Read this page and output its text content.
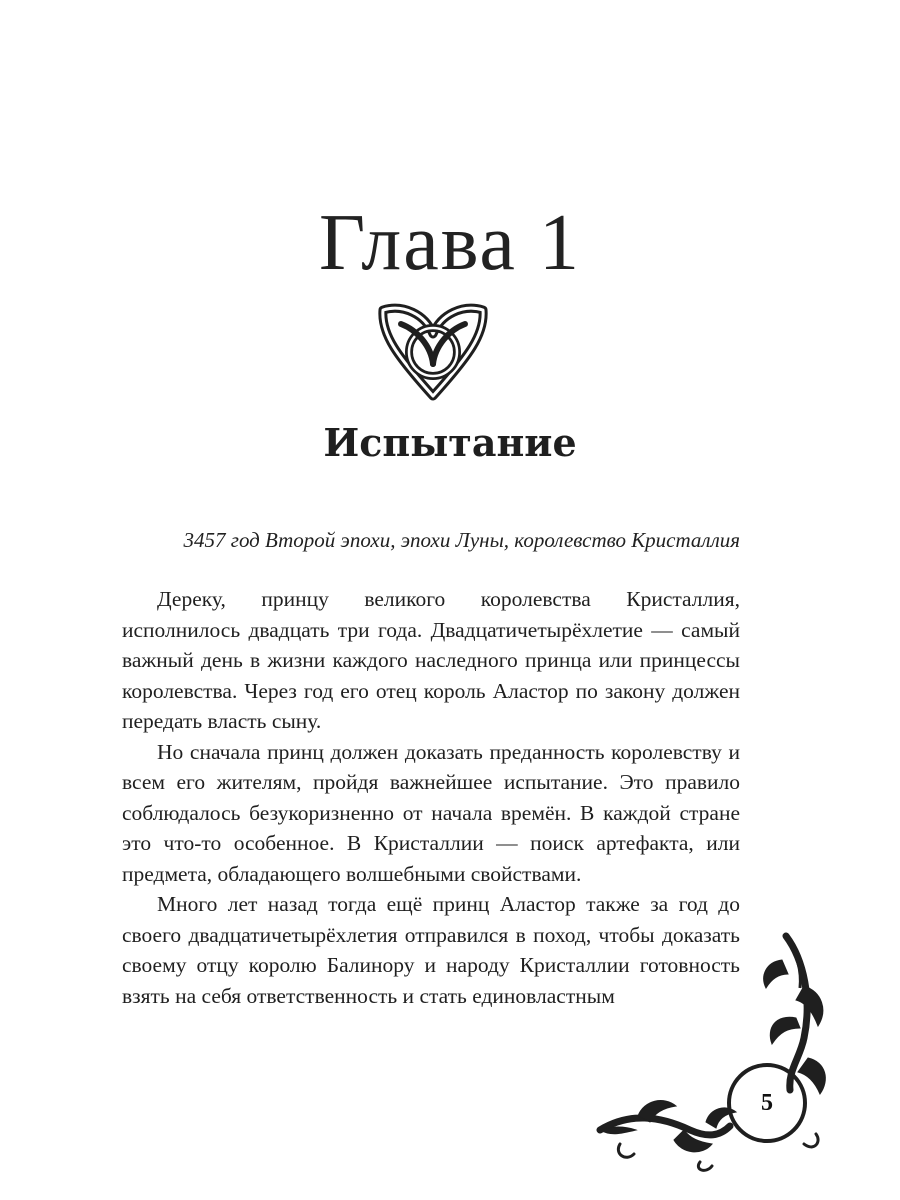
Глава 1
Испытание
3457 год Второй эпохи, эпохи Луны, королевство Кристаллия

Дереку, принцу великого королевства Кристаллия, исполнилось двадцать три года. Двадцатичетырёхлетие — самый важный день в жизни каждого наследного принца или принцессы королевства. Через год его отец король Аластор по закону должен передать власть сыну.

Но сначала принц должен доказать преданность королевству и всем его жителям, пройдя важнейшее испытание. Это правило соблюдалось безукоризненно от начала времён. В каждой стране это что-то особенное. В Кристаллии — поиск артефакта, или предмета, обладающего волшебными свойствами.

Много лет назад тогда ещё принц Аластор также за год до своего двадцатичетырёхлетия отправился в поход, чтобы доказать своему отцу королю Балинору и народу Кристаллии готовность взять на себя ответственность и стать единовластным

5
